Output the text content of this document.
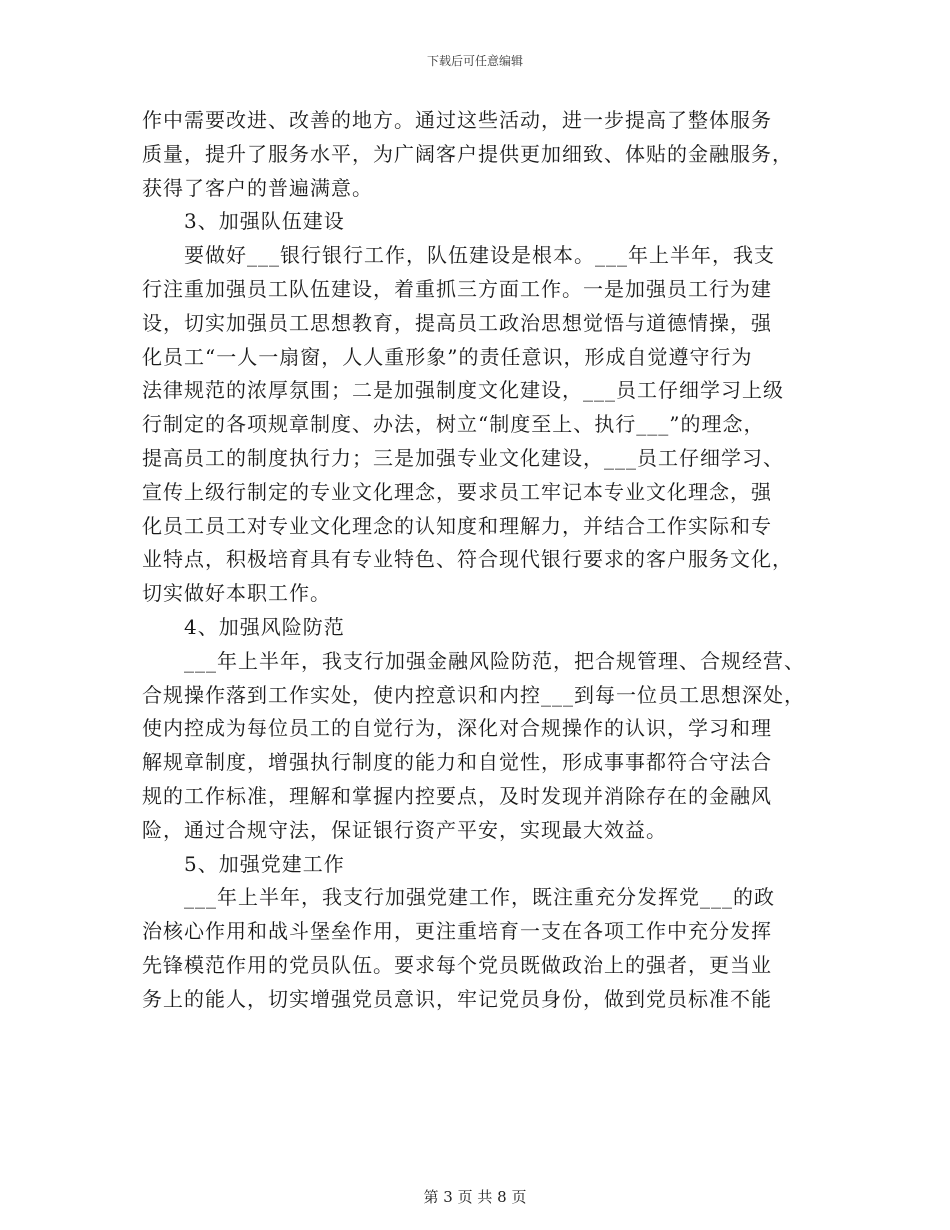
下载后可任意编辑
作中需要改进、改善的地方。通过这些活动，进一步提高了整体服务
质量，提升了服务水平，为广阔客户提供更加细致、体贴的金融服务，
获得了客户的普遍满意。
3、加强队伍建设
要做好___银行银行工作，队伍建设是根本。___年上半年，我支
行注重加强员工队伍建设，着重抓三方面工作。一是加强员工行为建
设，切实加强员工思想教育，提高员工政治思想觉悟与道德情操，强
化员工“一人一扇窗，人人重形象”的责任意识，形成自觉遵守行为
法律规范的浓厚氛围；二是加强制度文化建设，___员工仔细学习上级
行制定的各项规章制度、办法，树立“制度至上、执行___”的理念，
提高员工的制度执行力；三是加强专业文化建设，___员工仔细学习、
宣传上级行制定的专业文化理念，要求员工牢记本专业文化理念，强
化员工员工对专业文化理念的认知度和理解力，并结合工作实际和专
业特点，积极培育具有专业特色、符合现代银行要求的客户服务文化，
切实做好本职工作。
4、加强风险防范
___年上半年，我支行加强金融风险防范，把合规管理、合规经营、
合规操作落到工作实处，使内控意识和内控___到每一位员工思想深处，
使内控成为每位员工的自觉行为，深化对合规操作的认识，学习和理
解规章制度，增强执行制度的能力和自觉性，形成事事都符合守法合
规的工作标准，理解和掌握内控要点，及时发现并消除存在的金融风
险，通过合规守法，保证银行资产平安，实现最大效益。
5、加强党建工作
___年上半年，我支行加强党建工作，既注重充分发挥党___的政
治核心作用和战斗堡垒作用，更注重培育一支在各项工作中充分发挥
先锋模范作用的党员队伍。要求每个党员既做政治上的强者，更当业
务上的能人，切实增强党员意识，牢记党员身份，做到党员标准不能
第 3 页 共 8 页
